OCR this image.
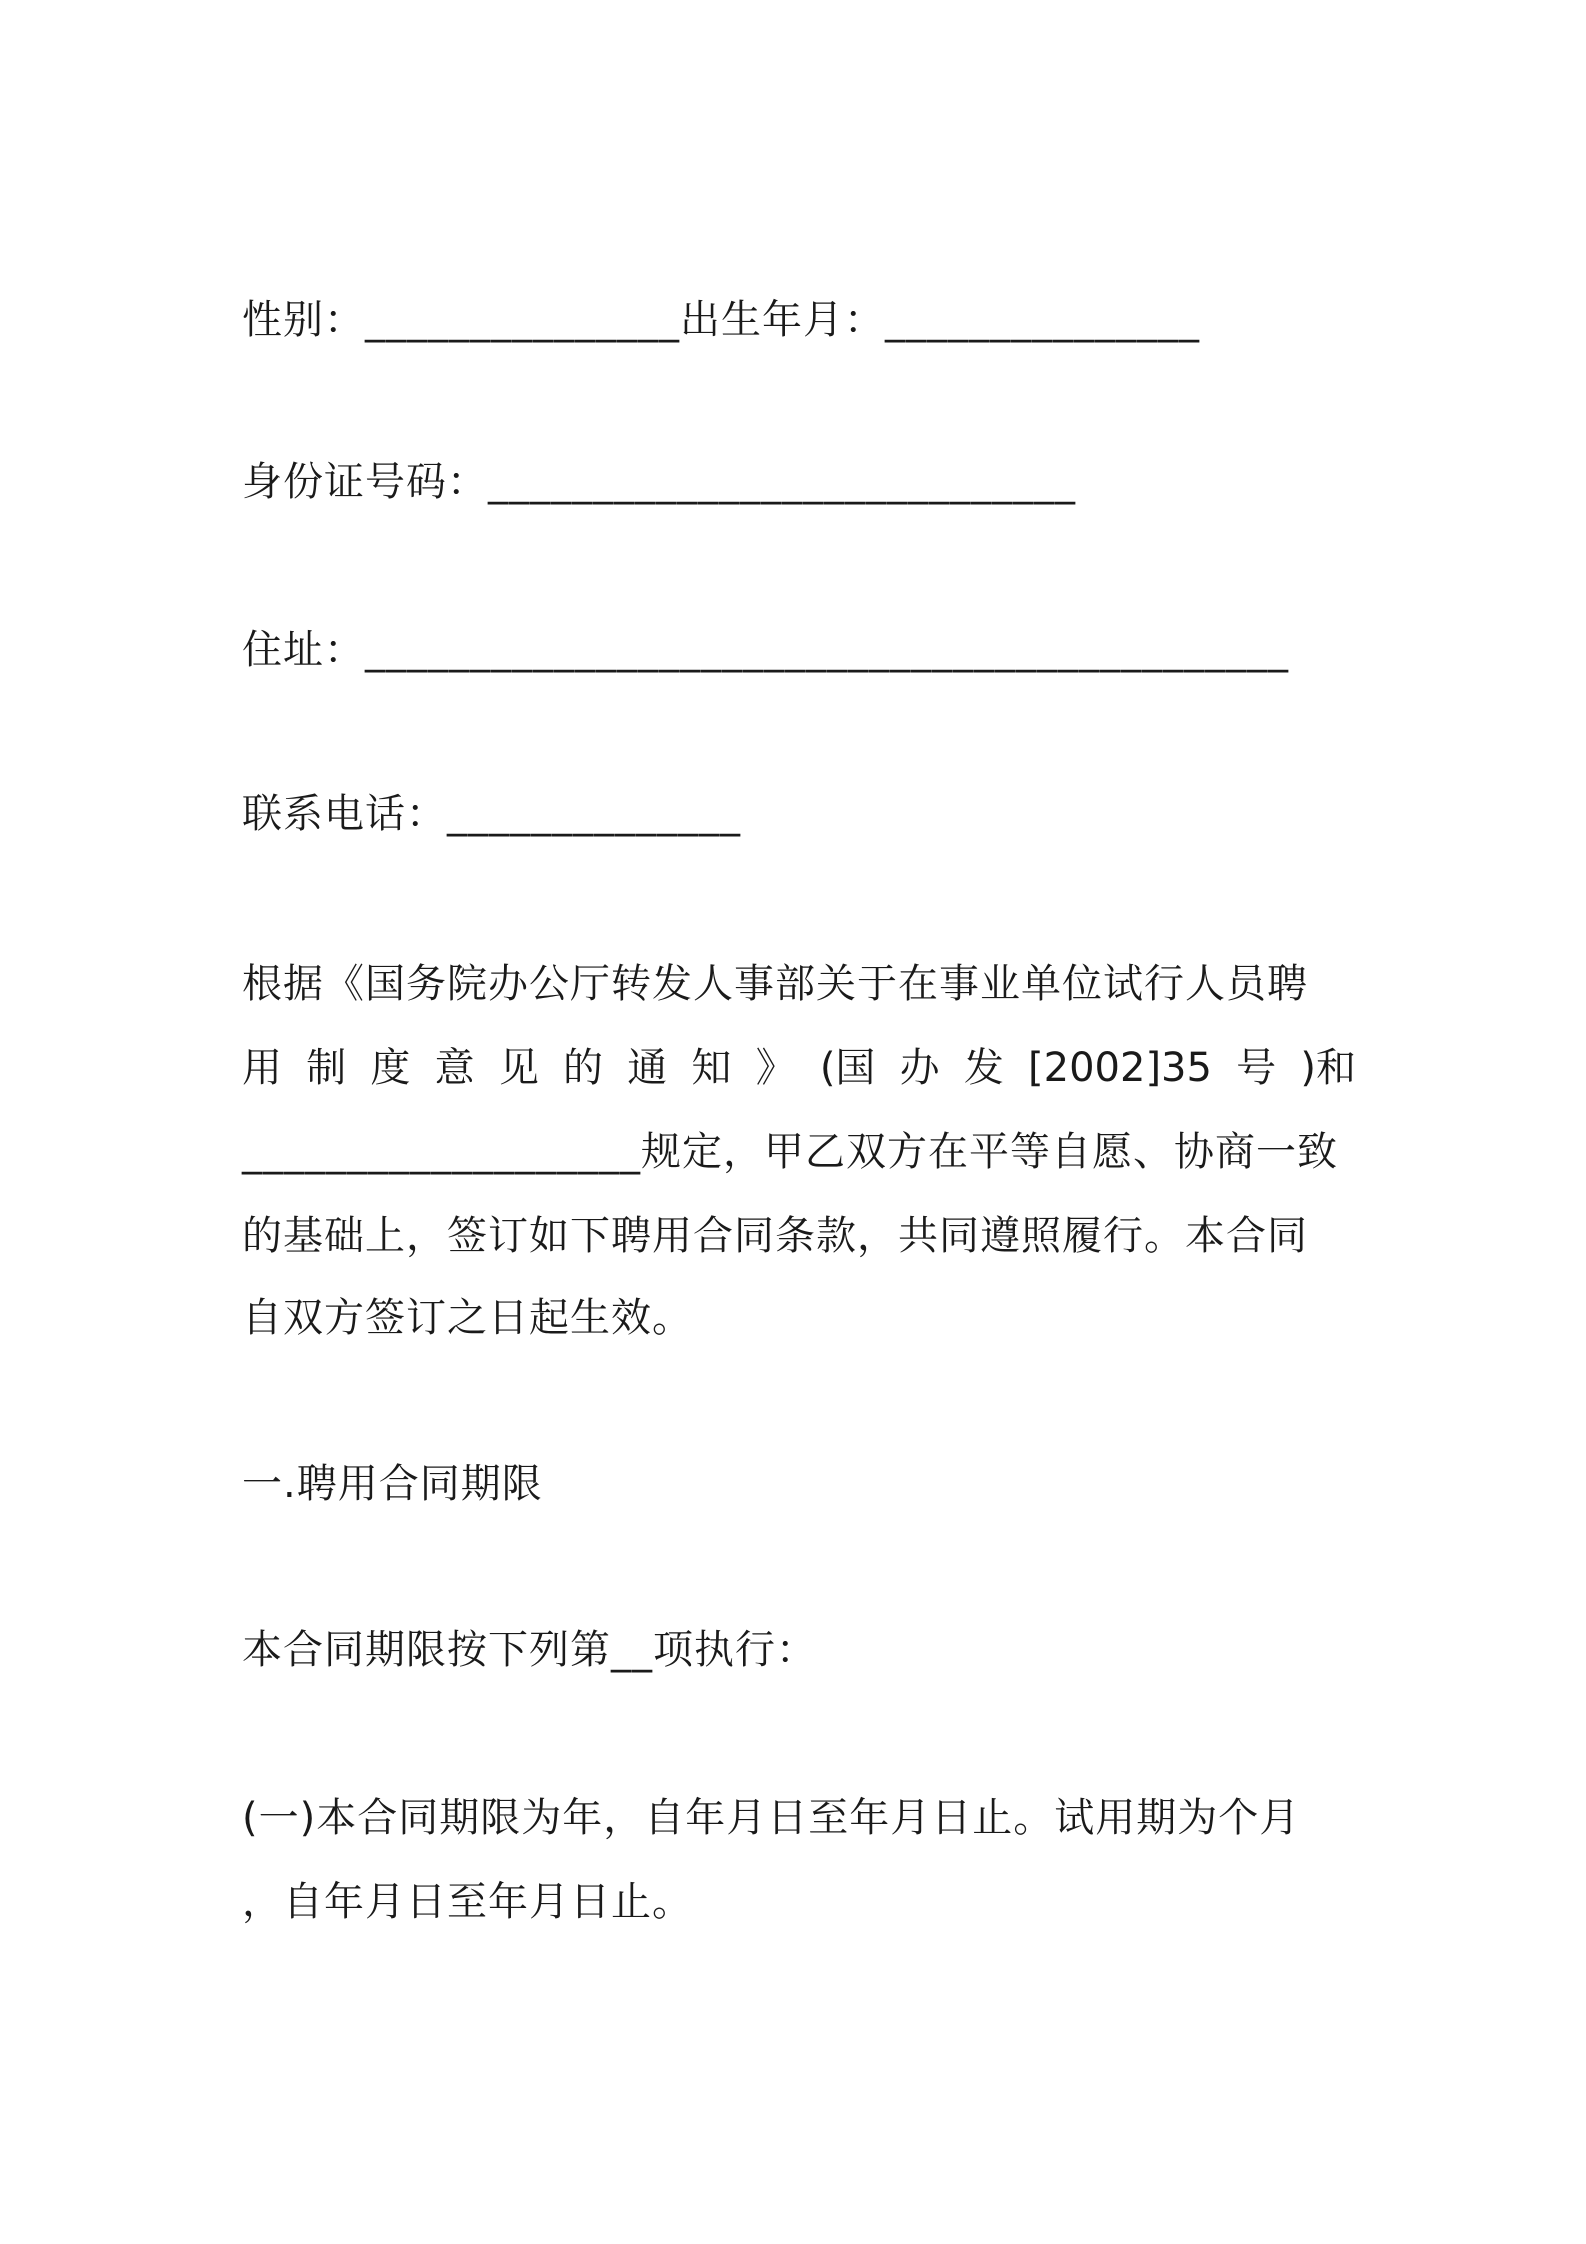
性别：_______________出生年月：_______________
身份证号码：____________________________
住址：____________________________________________
联系电话：______________
根据《国务院办公厅转发人事部关于在事业单位试行人员聘
用 制 度 意 见 的 通 知 》 (国 办 发 [2002]35 号 )和
___________________规定，甲乙双方在平等自愿、协商一致
的基础上，签订如下聘用合同条款，共同遵照履行。本合同
自双方签订之日起生效。
一.聘用合同期限
本合同期限按下列第__项执行：
(一)本合同期限为年，自年月日至年月日止。试用期为个月
，自年月日至年月日止。
